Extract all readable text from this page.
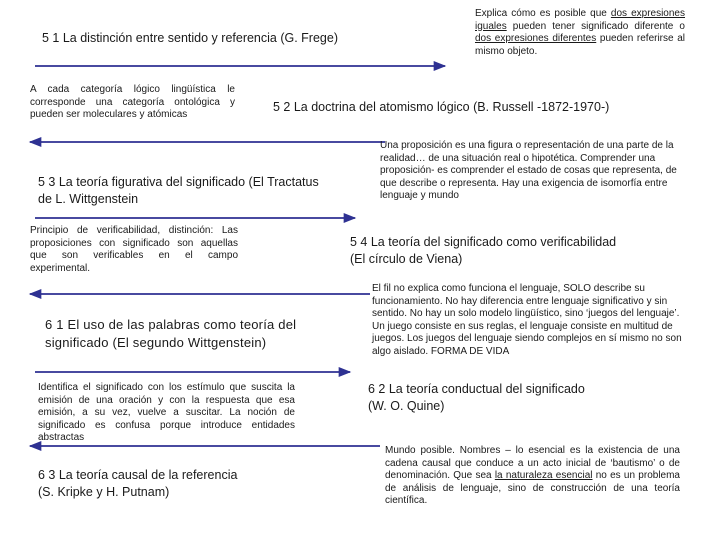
5 1 La distinción entre sentido y referencia (G. Frege)
Explica cómo es posible que dos expresiones iguales pueden tener significado diferente o dos expresiones diferentes pueden referirse al mismo objeto.
A cada categoría lógico lingüística le corresponde una categoría ontológica y pueden ser moleculares y atómicas
5 2 La doctrina del atomismo lógico (B. Russell -1872-1970-)
Una proposición es una figura o representación de una parte de la realidad… de una situación real o hipotética. Comprender una proposición- es comprender el estado de cosas que representa, de que describe o representa. Hay una exigencia de isomorfía entre lenguaje y mundo
5 3 La teoría figurativa del significado (El Tractatus
de L. Wittgenstein
Principio de verificabilidad, distinción: Las proposiciones con significado son aquellas que son verificables en el campo experimental.
5 4 La teoría del significado como verificabilidad
(El círculo de Viena)
El fil no explica como funciona el lenguaje, SOLO describe su funcionamiento. No hay diferencia entre lenguaje significativo y sin sentido. No hay un solo modelo lingüístico, sino ‘juegos del lenguaje’. Un juego consiste en sus reglas, el lenguaje consiste en multitud de juegos. Los juegos del lenguaje siendo complejos en sí mismo no son algo aislado. FORMA DE VIDA
6 1 El uso de las palabras como teoría del
significado (El segundo Wittgenstein)
Identifica el significado con los estímulo que suscita la emisión de una oración y con la respuesta que esa emisión, a su vez, vuelve a suscitar. La noción de significado es confusa porque introduce entidades abstractas
6 2 La teoría conductual del significado
(W. O. Quine)
6 3 La teoría causal de la referencia
(S. Kripke y H. Putnam)
Mundo posible. Nombres – lo esencial es la existencia de una cadena causal que conduce a un acto inicial de ‘bautismo’ o de denominación. Que sea la naturaleza esencial no es un problema de análisis de lenguaje, sino de construcción de una teoría científica.
